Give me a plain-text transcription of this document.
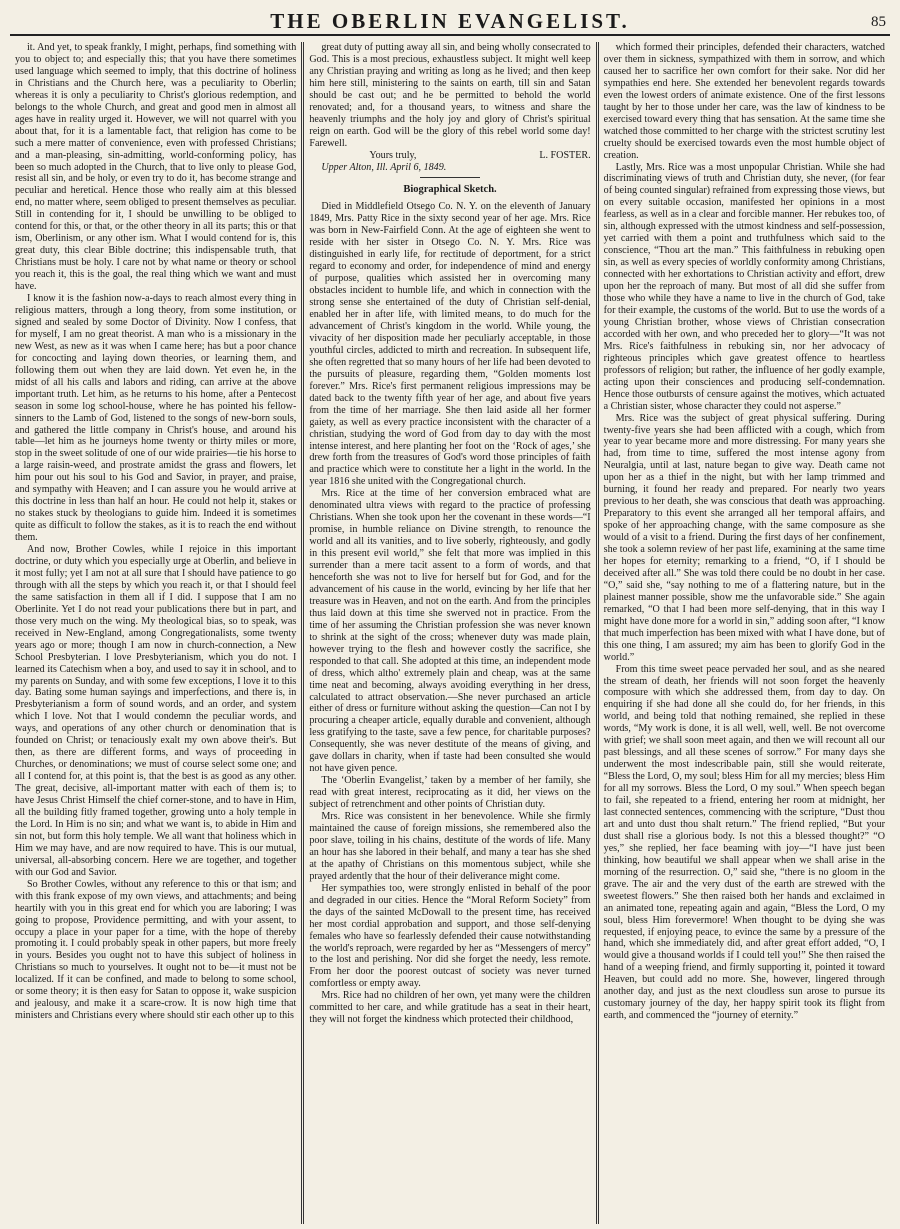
THE OBERLIN EVANGELIST.	85

it. And yet, to speak frankly, I might, perhaps, find something with you to object to; and especially this; that you have there sometimes used language which seemed to imply, that this doctrine of holiness in Christians and the Church here, was a peculiarity to Oberlin; whereas it is only a peculiarity to Christ's glorious redemption, and belongs to the whole Church, and great and good men in almost all ages have in reality urged it. However, we will not quarrel with you about that, for it is a lamentable fact, that religion has come to be such a mere matter of convenience, even with professed Christians; and a man-pleasing, sin-admitting, world-conforming policy, has been so much adopted in the Church, that to live only to please God, resist all sin, and be holy, or even try to do it, has become strange and peculiar and heretical. Hence those who really aim at this blessed end, no matter where, seem obliged to present themselves as peculiar. Still in contending for it, I should be unwilling to be obliged to contend for this, or that, or the other theory in all its parts; this or that ism, Oberlinism, or any other ism. What I would contend for is, this great duty, this clear Bible doctrine; this indispensable truth, that Christians must be holy. I care not by what name or theory or school you reach it, this is the goal, the real thing which we want and must have.

I know it is the fashion now-a-days to reach almost every thing in religious matters, through a long theory, from some institution, or signed and sealed by some Doctor of Divinity. Now I confess, that for myself, I am no great theorist. A man who is a missionary in the new West, as new as it was when I came here; has but a poor chance for concocting and laying down theories, or learning them, and following them out when they are laid down. Yet even he, in the midst of all his calls and labors and riding, can arrive at the above important truth. Let him, as he returns to his home, after a Pentecost season in some log school-house, where he has pointed his fellow-sinners to the Lamb of God, listened to the songs of new-born souls, and gathered the little company in Christ's house, and around his table—let him as he journeys home twenty or thirty miles or more, stop in the sweet solitude of one of our wide prairies—tie his horse to a large raisin-weed, and prostrate amidst the grass and flowers, let him pour out his soul to his God and Savior, in prayer, and praise, and sympathy with Heaven; and I can assure you he would arrive at this doctrine in less than half an hour. He could not help it, stakes or no stakes stuck by theologians to guide him. Indeed it is sometimes quite as difficult to follow the stakes, as it is to reach the end without them.

And now, Brother Cowles, while I rejoice in this important doctrine, or duty which you especially urge at Oberlin, and believe in it most fully; yet I am not at all sure that I should have patience to go through with all the steps by which you reach it, or that I should feel the same satisfaction in them all if I did. I suppose that I am no Oberlinite. Yet I do not read your publications there but in part, and those very much on the wing. My theological bias, so to speak, was received in New-England, among Congregationalists, some twenty years ago or more; though I am now in church-connection, a New School Presbyterian. I love Presbyterianism, which you do not. I learned its Catechism when a boy, and used to say it in school, and to my parents on Sunday, and with some few exceptions, I love it to this day. Bating some human sayings and imperfections, and there is, in Presbyterianism a form of sound words, and an order, and system which I love. Not that I would condemn the peculiar words, and ways, and operations of any other church or denomination that is founded on Christ; or tenaciously exalt my own above their's. But then, as there are different forms, and ways of proceeding in Churches, or denominations; we must of course select some one; and all I contend for, at this point is, that the best is as good as any other. The great, decisive, all-important matter with each of them is; to have Jesus Christ Himself the chief corner-stone, and to have in Him, all the building fitly framed together, growing unto a holy temple in the Lord. In Him is no sin; and what we want is, to abide in Him and sin not, but form this holy temple. We all want that holiness which in Him we may have, and are now required to have. This is our mutual, universal, all-absorbing concern. Here we are together, and together with our God and Savior.

So Brother Cowles, without any reference to this or that ism; and with this frank expose of my own views, and attachments; and being heartily with you in this great end for which you are laboring; I was going to propose, Providence permitting, and with your assent, to occupy a place in your paper for a time, with the hope of thereby promoting it. I could probably speak in other papers, but more freely in yours. Besides you ought not to have this subject of holiness in Christians so much to yourselves. It ought not to be—it must not be localized. If it can be confined, and made to belong to some school, or some theory; it is then easy for Satan to oppose it, wake suspicion and jealousy, and make it a scare-crow. It is now high time that ministers and Christians every where should stir each other up to this

great duty of putting away all sin, and being wholly consecrated to God. This is a most precious, exhaustless subject. It might well keep any Christian praying and writing as long as he lived; and then keep him here still, ministering to the saints on earth, till sin and Satan should be cast out; and he be permitted to behold the world renovated; and, for a thousand years, to witness and share the heavenly triumphs and the holy joy and glory of Christ's spiritual reign on earth. God will be the glory of this rebel world some day! Farewell.

Yours truly,	L. FOSTER.

Upper Alton, Ill. April 6, 1849.

Biographical Sketch.

Died in Middlefield Otsego Co. N. Y. on the eleventh of January 1849, Mrs. Patty Rice in the sixty second year of her age. Mrs. Rice was born in New-Fairfield Conn. At the age of eighteen she went to reside with her sister in Otsego Co. N. Y. Mrs. Rice was distinguished in early life, for rectitude of deportment, for a strict regard to economy and order, for independence of mind and energy of purpose, qualities which assisted her in overcoming many obstacles incident to humble life, and which in connection with the strong sense she entertained of the duty of Christian self-denial, enabled her in after life, with limited means, to do much for the advancement of Christ's kingdom in the world. While young, the vivacity of her disposition made her peculiarly acceptable, in those youthful circles, addicted to mirth and recreation. In subsequent life, she often regretted that so many hours of her life had been devoted to the pursuits of pleasure, regarding them, “Golden moments lost forever.” Mrs. Rice's first permanent religious impressions may be dated back to the twenty fifth year of her age, and about five years from the time of her marriage. She then laid aside all her former gaiety, as well as every practice inconsistent with the character of a christian, studying the word of God from day to day with the most intense interest, and here planting her foot on the ‘Rock of ages,’ she drew forth from the treasures of God's word those principles of faith and practice which were to constitute her a light in the world. In the year 1816 she united with the Congregational church.

Mrs. Rice at the time of her conversion embraced what are denominated ultra views with regard to the practice of professing Christians. When she took upon her the covenant in these words—“I promise, in humble reliance on Divine strength, to renounce the world and all its vanities, and to live soberly, righteously, and godly in this present evil world,” she felt that more was implied in this surrender than a mere tacit assent to a form of words, and that henceforth she was not to live for herself but for God, and for the advancement of his cause in the world, evincing by her life that her treasure was in Heaven, and not on the earth. And from the principles thus laid down at this time she swerved not in practice. From the time of her assuming the Christian profession she was never known to shrink at the sight of the cross; whenever duty was made plain, however trying to the flesh and however costly the sacrifice, she responded to that call. She adopted at this time, an independent mode of dress, which altho' extremely plain and cheap, was at the same time neat and becoming, always avoiding everything in her dress, calculated to attract observation.—She never purchased an article either of dress or furniture without asking the question—Can not I by procuring a cheaper article, equally durable and convenient, although less gratifying to the taste, save a few pence, for charitable purposes? Consequently, she was never destitute of the means of giving, and gave dollars in charity, when if taste had been consulted she would not have given pence.

The ‘Oberlin Evangelist,’ taken by a member of her family, she read with great interest, reciprocating as it did, her views on the subject of retrenchment and other points of Christian duty.

Mrs. Rice was consistent in her benevolence. While she firmly maintained the cause of foreign missions, she remembered also the poor slave, toiling in his chains, destitute of the words of life. Many an hour has she labored in their behalf, and many a tear has she shed at the apathy of Christians on this momentous subject, while she prayed ardently that the hour of their deliverance might come.

Her sympathies too, were strongly enlisted in behalf of the poor and degraded in our cities. Hence the “Moral Reform Society” from the days of the sainted McDowall to the present time, has received her most cordial approbation and support, and those self-denying females who have so fearlessly defended their cause notwithstanding the world's reproach, were regarded by her as “Messengers of mercy” to the lost and perishing. Nor did she forget the needy, less remote. From her door the poorest outcast of society was never turned comfortless or empty away.

Mrs. Rice had no children of her own, yet many were the children committed to her care, and while gratitude has a seat in their heart, they will not forget the kindness which protected their childhood,

which formed their principles, defended their characters, watched over them in sickness, sympathized with them in sorrow, and which caused her to sacrifice her own comfort for their sake. Nor did her sympathies end here. She extended her benevolent regards towards even the lowest orders of animate existence. One of the first lessons taught by her to those under her care, was the law of kindness to be exercised toward every thing that has sensation. At the same time she watched those committed to her charge with the strictest scrutiny lest cruelty should be exercised towards even the most humble object of creation.

Lastly, Mrs. Rice was a most unpopular Christian. While she had discriminating views of truth and Christian duty, she never, (for fear of being counted singular) refrained from expressing those views, but on every suitable occasion, manifested her opinions in a most fearless, as well as in a clear and forcible manner. Her rebukes too, of sin, although expressed with the utmost kindness and self-possession, yet carried with them a point and truthfulness which said to the conscience, “Thou art the man.” This faithfulness in rebuking open sin, as well as every species of worldly conformity among Christians, connected with her exhortations to Christian activity and effort, drew upon her the reproach of many. But most of all did she suffer from those who while they have a name to live in the church of God, take for their example, the customs of the world. But to use the words of a young Christian brother, whose views of Christian consecration accorded with her own, and who preceded her to glory—“It was not Mrs. Rice's faithfulness in rebuking sin, nor her advocacy of righteous principles which gave greatest offence to heartless professors of religion; but rather, the influence of her godly example, acting upon their consciences and producing self-condemnation. Hence those outbursts of censure against the motives, which actuated a Christian sister, whose character they could not asperse.”

Mrs. Rice was the subject of great physical suffering. During twenty-five years she had been afflicted with a cough, which from year to year became more and more distressing. For many years she had, from time to time, suffered the most intense agony from Neuralgia, until at last, nature began to give way. Death came not upon her as a thief in the night, but with her lamp trimmed and burning, it found her ready and prepared. For nearly two years previous to her death, she was conscious that death was approaching. Preparatory to this event she arranged all her temporal affairs, and spoke of her approaching change, with the same composure as she would of a visit to a friend. During the first days of her confinement, she took a solemn review of her past life, examining at the same time her hopes for eternity; remarking to a friend, “O, if I should be deceived after all.” She was told there could be no doubt in her case. “O,” said she, “say nothing to me of a flattering nature, but in the plainest manner possible, show me the unfavorable side.” She again remarked, “O that I had been more self-denying, that in this way I might have done more for a world in sin,” adding soon after, “I know that much imperfection has been mixed with what I have done, but of this one thing, I am assured; my aim has been to glorify God in the world.”

From this time sweet peace pervaded her soul, and as she neared the stream of death, her friends will not soon forget the heavenly composure with which she addressed them, from day to day. On enquiring if she had done all she could do, for her friends, in this world, and being told that nothing remained, she replied in these words, “My work is done, it is all well, well, well. Be not overcome with grief; we shall soon meet again, and then we will recount all our past blessings, and all these scenes of sorrow.” For many days she underwent the most indescribable pain, still she would reiterate, “Bless the Lord, O, my soul; bless Him for all my mercies; bless Him for all my sorrows. Bless the Lord, O my soul.” When speech began to fail, she repeated to a friend, entering her room at midnight, her last connected sentences, commencing with the scripture, “Dust thou art and unto dust thou shalt return.” The friend replied, “But your dust shall rise a glorious body. Is not this a blessed thought?” “O yes,” she replied, her face beaming with joy—“I have just been thinking, how beautiful we shall appear when we shall arise in the morning of the resurrection. O,” said she, “there is no gloom in the grave. The air and the very dust of the earth are strewed with the sweetest flowers.” She then raised both her hands and exclaimed in an animated tone, repeating again and again, “Bless the Lord, O my soul, bless Him forevermore! When thought to be dying she was requested, if enjoying peace, to evince the same by a pressure of the hand, which she immediately did, and after great effort added, “O, I would give a thousand worlds if I could tell you!” She then raised the hand of a weeping friend, and firmly supporting it, pointed it toward Heaven, but could add no more. She, however, lingered through another day, and just as the next cloudless sun arose to pursue its customary journey of the day, her happy spirit took its flight from earth, and commenced the “journey of eternity.”
